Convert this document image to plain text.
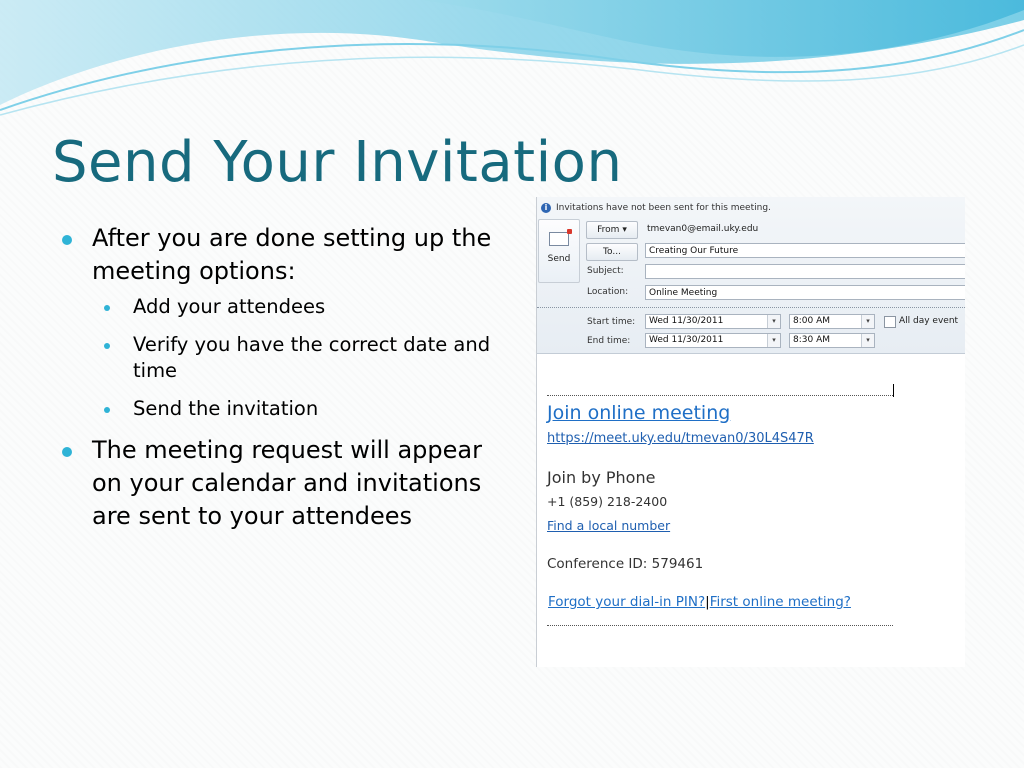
Send Your Invitation
After you are done setting up the meeting options:
Add your attendees
Verify you have the correct date and time
Send the invitation
The meeting request will appear on your calendar and invitations are sent to your attendees
i Invitations have not been sent for this meeting.
Send
From ▾	tmevan0@email.uky.edu
To...	Creating Our Future
Subject:
Location:	Online Meeting
Start time:	Wed 11/30/2011	▾	8:00 AM	▾	All day event
End time:	Wed 11/30/2011	▾	8:30 AM	▾
Join online meeting
https://meet.uky.edu/tmevan0/30L4S47R
Join by Phone
+1 (859) 218-2400
Find a local number
Conference ID: 579461
Forgot your dial-in PIN?|First online meeting?
